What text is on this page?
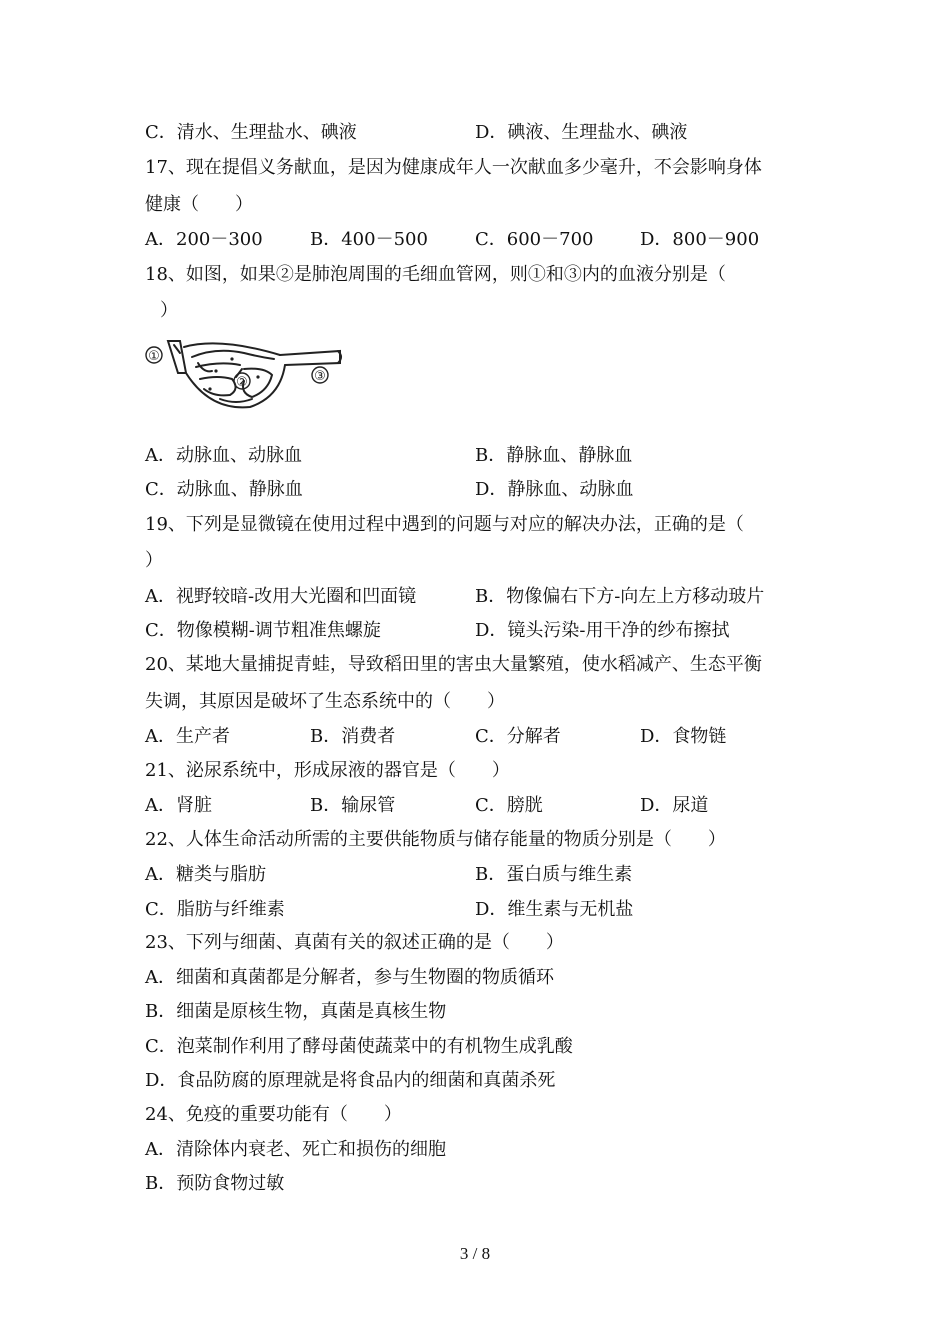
C．清水、生理盐水、碘液	D．碘液、生理盐水、碘液
17、现在提倡义务献血，是因为健康成年人一次献血多少毫升，不会影响身体
健康（　　）
A．200－300	B．400－500	C．600－700	D．800－900
18、如图，如果②是肺泡周围的毛细血管网，则①和③内的血液分别是（
）
①
②	③
A．动脉血、动脉血	B．静脉血、静脉血
C．动脉血、静脉血	D．静脉血、动脉血
19、下列是显微镜在使用过程中遇到的问题与对应的解决办法，正确的是（
）
A．视野较暗-改用大光圈和凹面镜	B．物像偏右下方-向左上方移动玻片
C．物像模糊-调节粗准焦螺旋	D．镜头污染-用干净的纱布擦拭
20、某地大量捕捉青蛙，导致稻田里的害虫大量繁殖，使水稻减产、生态平衡
失调，其原因是破坏了生态系统中的（　　）
A．生产者	B．消费者	C．分解者	D．食物链
21、泌尿系统中，形成尿液的器官是（　　）
A．肾脏	B．输尿管	C．膀胱	D．尿道
22、人体生命活动所需的主要供能物质与储存能量的物质分别是（　　）
A．糖类与脂肪	B．蛋白质与维生素
C．脂肪与纤维素	D．维生素与无机盐
23、下列与细菌、真菌有关的叙述正确的是（　　）
A．细菌和真菌都是分解者，参与生物圈的物质循环
B．细菌是原核生物，真菌是真核生物
C．泡菜制作利用了酵母菌使蔬菜中的有机物生成乳酸
D．食品防腐的原理就是将食品内的细菌和真菌杀死
24、免疫的重要功能有（　　）
A．清除体内衰老、死亡和损伤的细胞
B．预防食物过敏
3 / 8
